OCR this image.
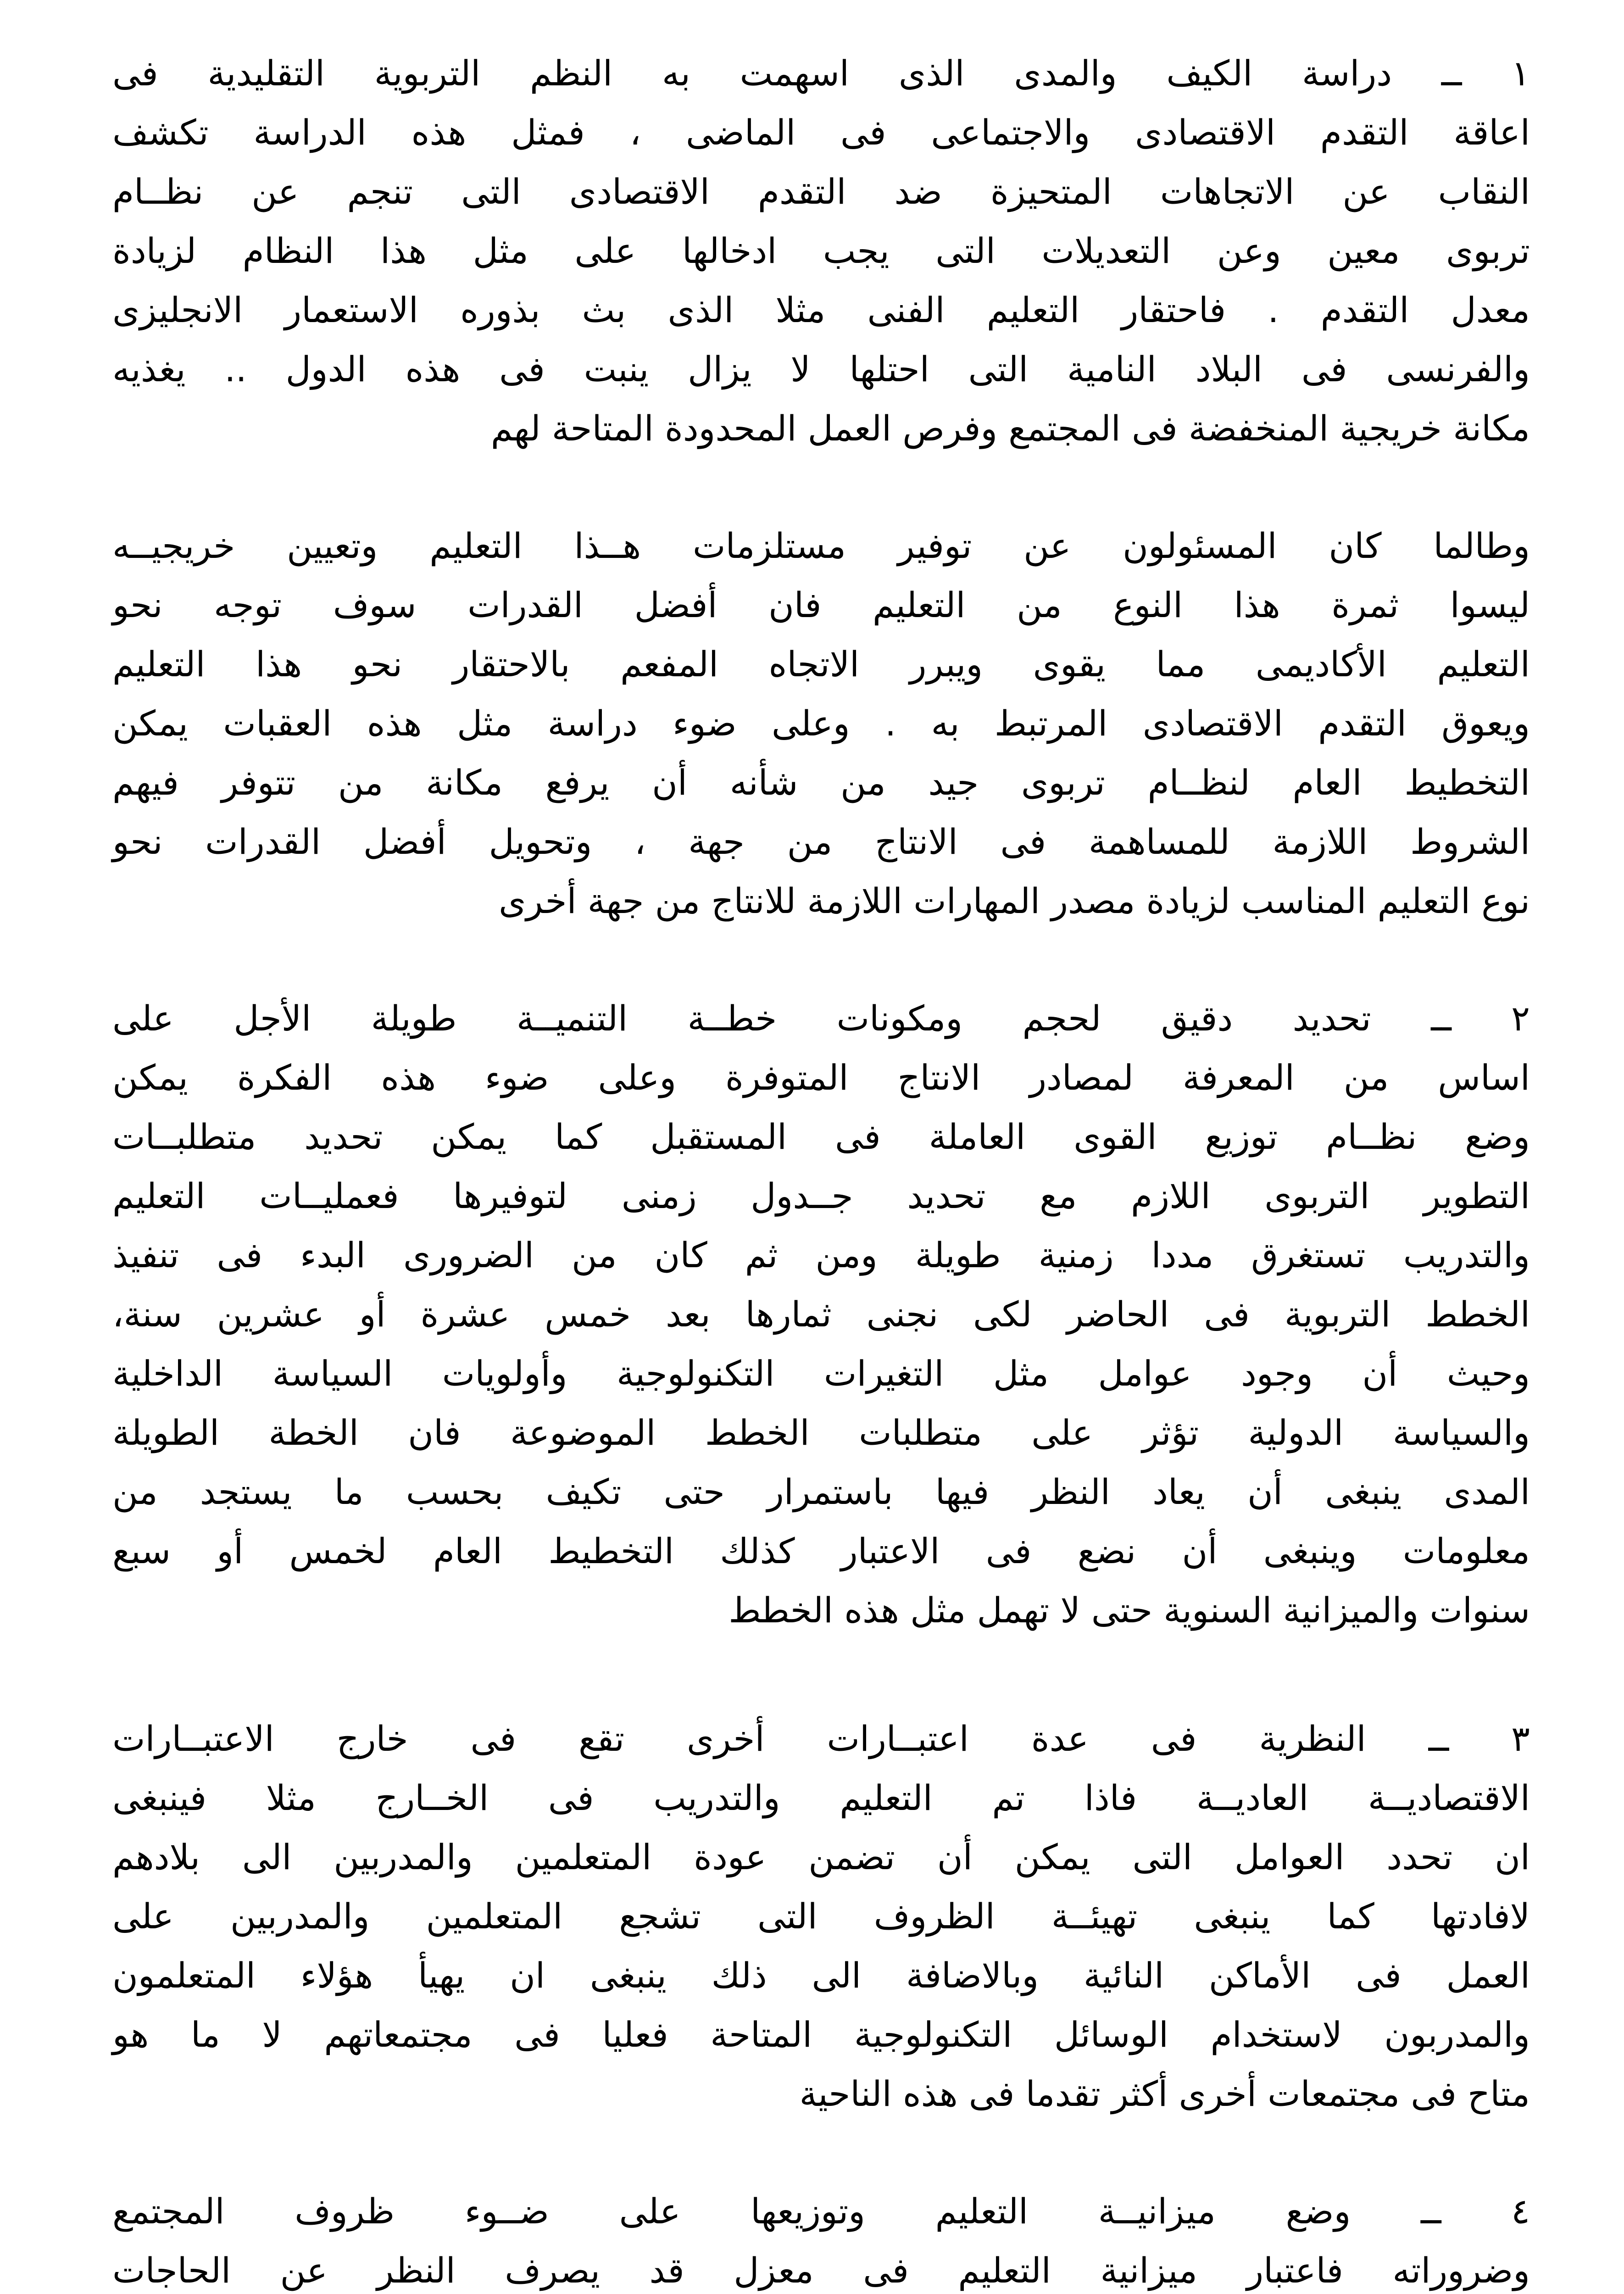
١ ــ دراسة الكيف والمدى الذى اسهمت به النظم التربوية التقليدية فى
اعاقة التقدم الاقتصادى والاجتماعى فى الماضى ، فمثل هذه الدراسة تكشف
النقاب عن الاتجاهات المتحيزة ضد التقدم الاقتصادى التى تنجم عن نظــام
تربوى معين وعن التعديلات التى يجب ادخالها على مثل هذا النظام لزيادة
معدل التقدم . فاحتقار التعليم الفنى مثلا الذى بث بذوره الاستعمار الانجليزى
والفرنسى فى البلاد النامية التى احتلها لا يزال ينبت فى هذه الدول .. يغذيه
مكانة خريجية المنخفضة فى المجتمع وفرص العمل المحدودة المتاحة لهم
وطالما كان المسئولون عن توفير مستلزمات هــذا التعليم وتعيين خريجيــه
ليسوا ثمرة هذا النوع من التعليم فان أفضل القدرات سوف توجه نحو
التعليم الأكاديمى مما يقوى ويبرر الاتجاه المفعم بالاحتقار نحو هذا التعليم
ويعوق التقدم الاقتصادى المرتبط به . وعلى ضوء دراسة مثل هذه العقبات يمكن
التخطيط العام لنظــام تربوى جيد من شأنه أن يرفع مكانة من تتوفر فيهم
الشروط اللازمة للمساهمة فى الانتاج من جهة ، وتحويل أفضل القدرات نحو
نوع التعليم المناسب لزيادة مصدر المهارات اللازمة للانتاج من جهة أخرى
٢ ــ تحديد دقيق لحجم ومكونات خطــة التنميــة طويلة الأجل على
اساس من المعرفة لمصادر الانتاج المتوفرة وعلى ضوء هذه الفكرة يمكن
وضع نظــام توزيع القوى العاملة فى المستقبل كما يمكن تحديد متطلبــات
التطوير التربوى اللازم مع تحديد جــدول زمنى لتوفيرها فعمليــات التعليم
والتدريب تستغرق مددا زمنية طويلة ومن ثم كان من الضرورى البدء فى تنفيذ
الخطط التربوية فى الحاضر لكى نجنى ثمارها بعد خمس عشرة أو عشرين سنة،
وحيث أن وجود عوامل مثل التغيرات التكنولوجية وأولويات السياسة الداخلية
والسياسة الدولية تؤثر على متطلبات الخطط الموضوعة فان الخطة الطويلة
المدى ينبغى أن يعاد النظر فيها باستمرار حتى تكيف بحسب ما يستجد من
معلومات وينبغى أن نضع فى الاعتبار كذلك التخطيط العام لخمس أو سبع
سنوات والميزانية السنوية حتى لا تهمل مثل هذه الخطط
٣ ــ النظرية فى عدة اعتبــارات أخرى تقع فى خارج الاعتبــارات
الاقتصاديــة العاديــة فاذا تم التعليم والتدريب فى الخــارج مثلا فينبغى
ان تحدد العوامل التى يمكن أن تضمن عودة المتعلمين والمدربين الى بلادهم
لافادتها كما ينبغى تهيئــة الظروف التى تشجع المتعلمين والمدربين على
العمل فى الأماكن النائية وبالاضافة الى ذلك ينبغى ان يهيأ هؤلاء المتعلمون
والمدربون لاستخدام الوسائل التكنولوجية المتاحة فعليا فى مجتمعاتهم لا ما هو
متاح فى مجتمعات أخرى أكثر تقدما فى هذه الناحية
٤ ــ وضع ميزانيــة التعليم وتوزيعها على ضــوء ظروف المجتمع
وضروراته فاعتبار ميزانية التعليم فى معزل قد يصرف النظر عن الحاجات
